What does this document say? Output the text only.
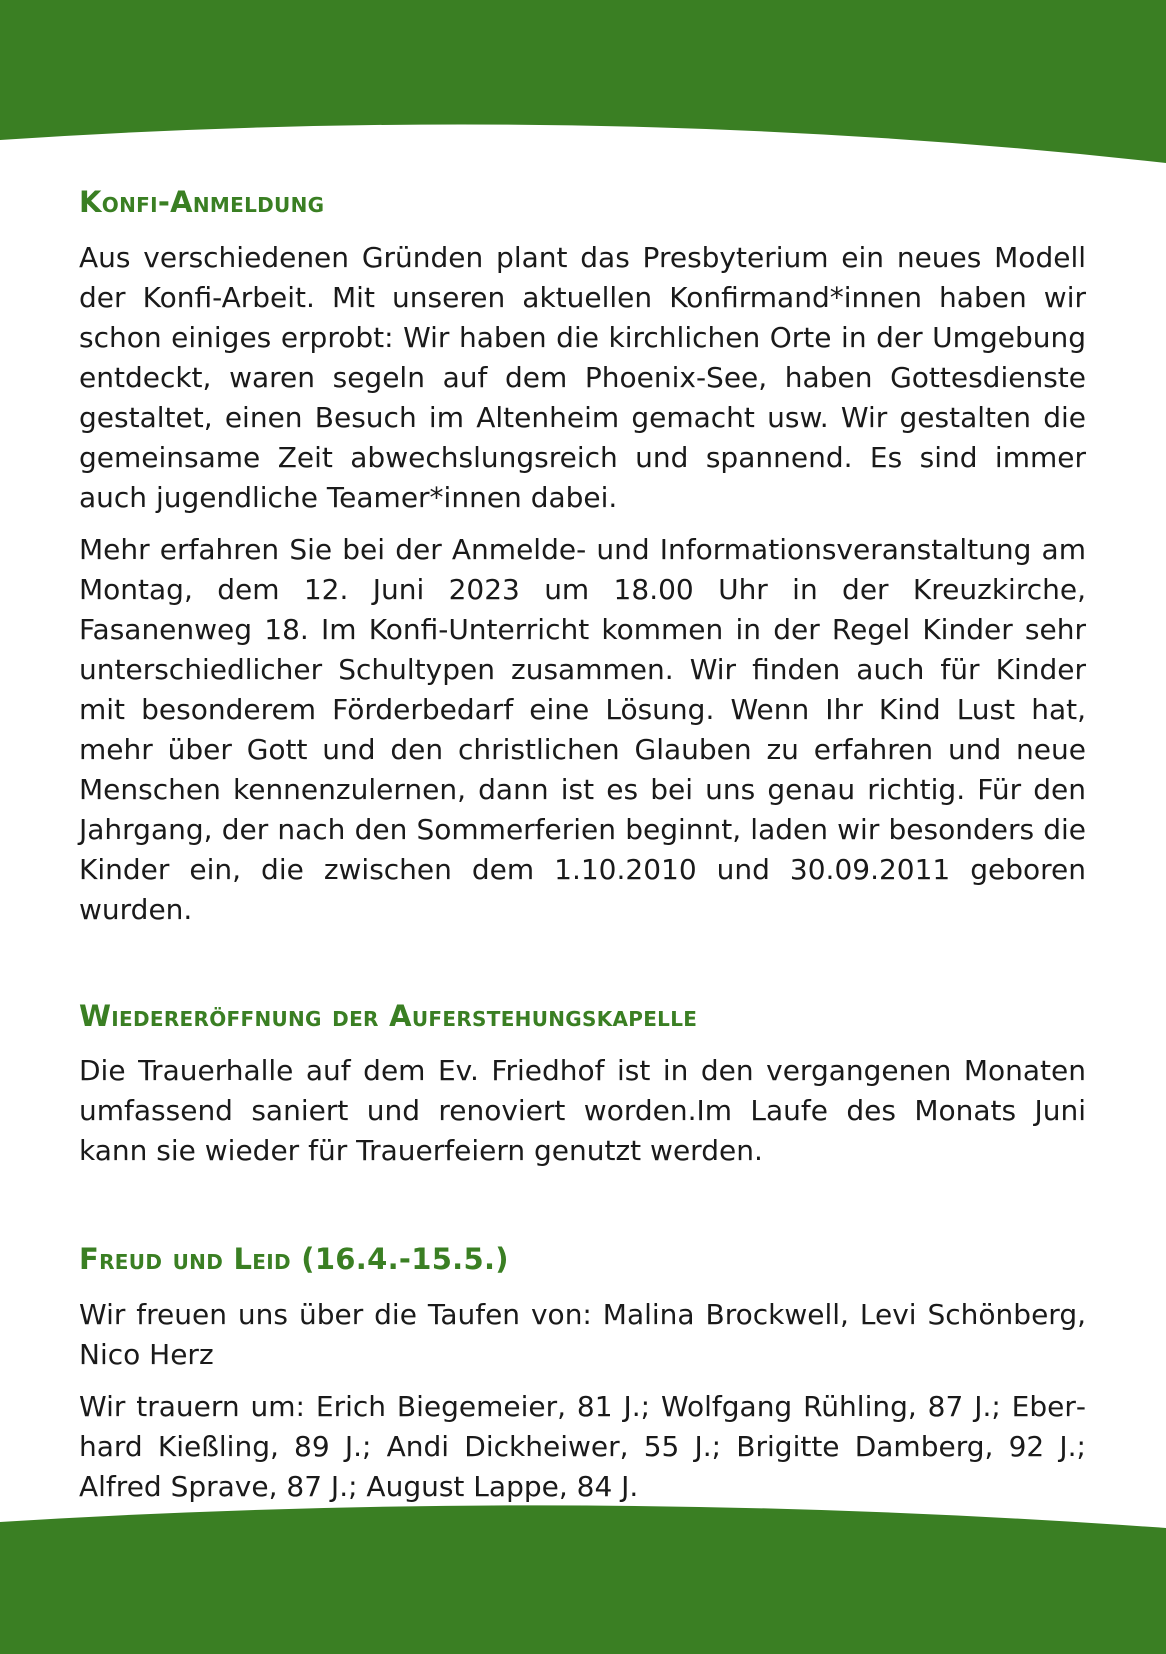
Konfi-Anmeldung

Aus verschiedenen Gründen plant das Presbyterium ein neues Modell der Konfi-Arbeit. Mit unseren aktuellen Konfirmand*innen haben wir schon einiges erprobt: Wir haben die kirchlichen Orte in der Umgebung entdeckt, waren segeln auf dem Phoenix-See, haben Gottesdienste gestaltet, einen Besuch im Altenheim gemacht usw. Wir gestalten die gemeinsame Zeit abwechslungsreich und spannend. Es sind immer auch jugendliche Teamer*innen dabei.

Mehr erfahren Sie bei der Anmelde- und Informationsveranstaltung am Montag, dem 12. Juni 2023 um 18.00 Uhr in der Kreuzkirche, Fasanenweg 18. Im Konfi-Unterricht kommen in der Regel Kinder sehr unterschiedlicher Schultypen zusammen. Wir finden auch für Kinder mit besonderem Förderbedarf eine Lösung. Wenn Ihr Kind Lust hat, mehr über Gott und den christlichen Glauben zu erfahren und neue Menschen kennenzulernen, dann ist es bei uns genau richtig. Für den Jahrgang, der nach den Sommerferien beginnt, laden wir besonders die Kinder ein, die zwischen dem 1.10.2010 und 30.09.2011 geboren wurden.

Wiedereröffnung der Auferstehungskapelle

Die Trauerhalle auf dem Ev. Friedhof ist in den vergangenen Monaten umfassend saniert und renoviert worden.Im Laufe des Monats Juni kann sie wieder für Trauerfeiern genutzt werden.

Freud und Leid (16.4.-15.5.)

Wir freuen uns über die Taufen von: Malina Brockwell, Levi Schönberg, Nico Herz

Wir trauern um: Erich Biegemeier, 81 J.; Wolfgang Rühling, 87 J.; Eberhard Kießling, 89 J.; Andi Dickheiwer, 55 J.; Brigitte Damberg, 92 J.; Alfred Sprave, 87 J.; August Lappe, 84 J.
